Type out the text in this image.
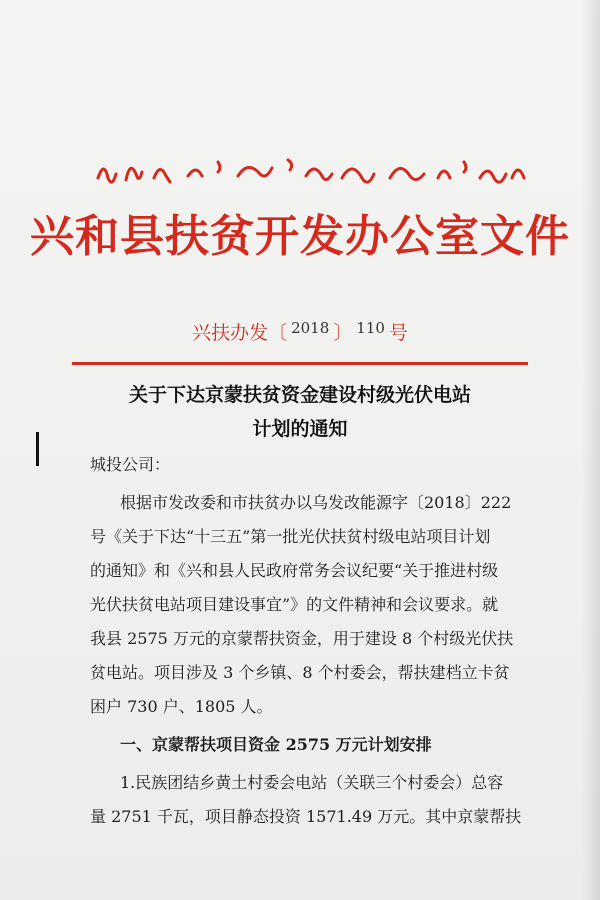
兴和县扶贫开发办公室文件
兴扶办发〔 $^{2018}$ 〕 $^{110}$ 号
关于下达京蒙扶贫资金建设村级光伏电站
计划的通知
城投公司：
根据市发改委和市扶贫办以乌发改能源字〔2018〕222
号《关于下达“十三五”第一批光伏扶贫村级电站项目计划
的通知》和《兴和县人民政府常务会议纪要“关于推进村级
光伏扶贫电站项目建设事宜”》的文件精神和会议要求。就
我县 2575 万元的京蒙帮扶资金，用于建设 8 个村级光伏扶
贫电站。项目涉及 3 个乡镇、8 个村委会，帮扶建档立卡贫
困户 730 户、1805 人。
一、京蒙帮扶项目资金 2575 万元计划安排
1.民族团结乡黄土村委会电站（关联三个村委会）总容
量 2751 千瓦，项目静态投资 1571.49 万元。其中京蒙帮扶
